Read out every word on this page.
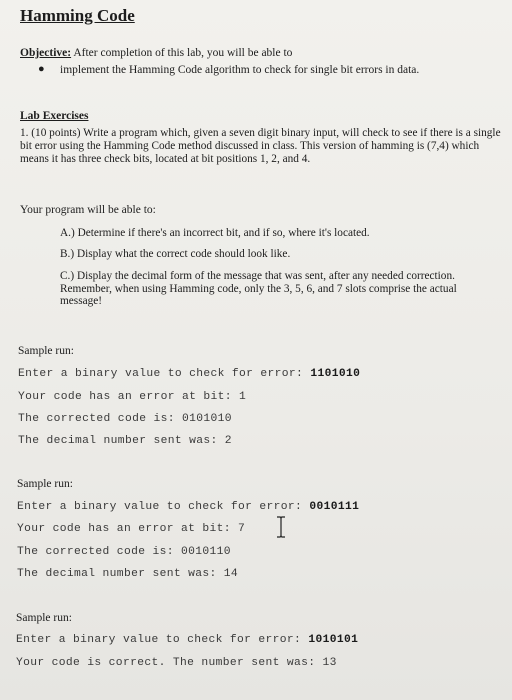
Hamming Code
Objective: After completion of this lab, you will be able to
● implement the Hamming Code algorithm to check for single bit errors in data.
Lab Exercises
1. (10 points) Write a program which, given a seven digit binary input, will check to see if there is a single bit error using the Hamming Code method discussed in class. This version of hamming is (7,4) which means it has three check bits, located at bit positions 1, 2, and 4.
Your program will be able to:
A.) Determine if there's an incorrect bit, and if so, where it's located.
B.) Display what the correct code should look like.
C.) Display the decimal form of the message that was sent, after any needed correction. Remember, when using Hamming code, only the 3, 5, 6, and 7 slots comprise the actual message!
Sample run:
Enter a binary value to check for error: 1101010
Your code has an error at bit: 1
The corrected code is: 0101010
The decimal number sent was: 2
Sample run:
Enter a binary value to check for error: 0010111
Your code has an error at bit: 7
The corrected code is: 0010110
The decimal number sent was: 14
Sample run:
Enter a binary value to check for error: 1010101
Your code is correct. The number sent was: 13
